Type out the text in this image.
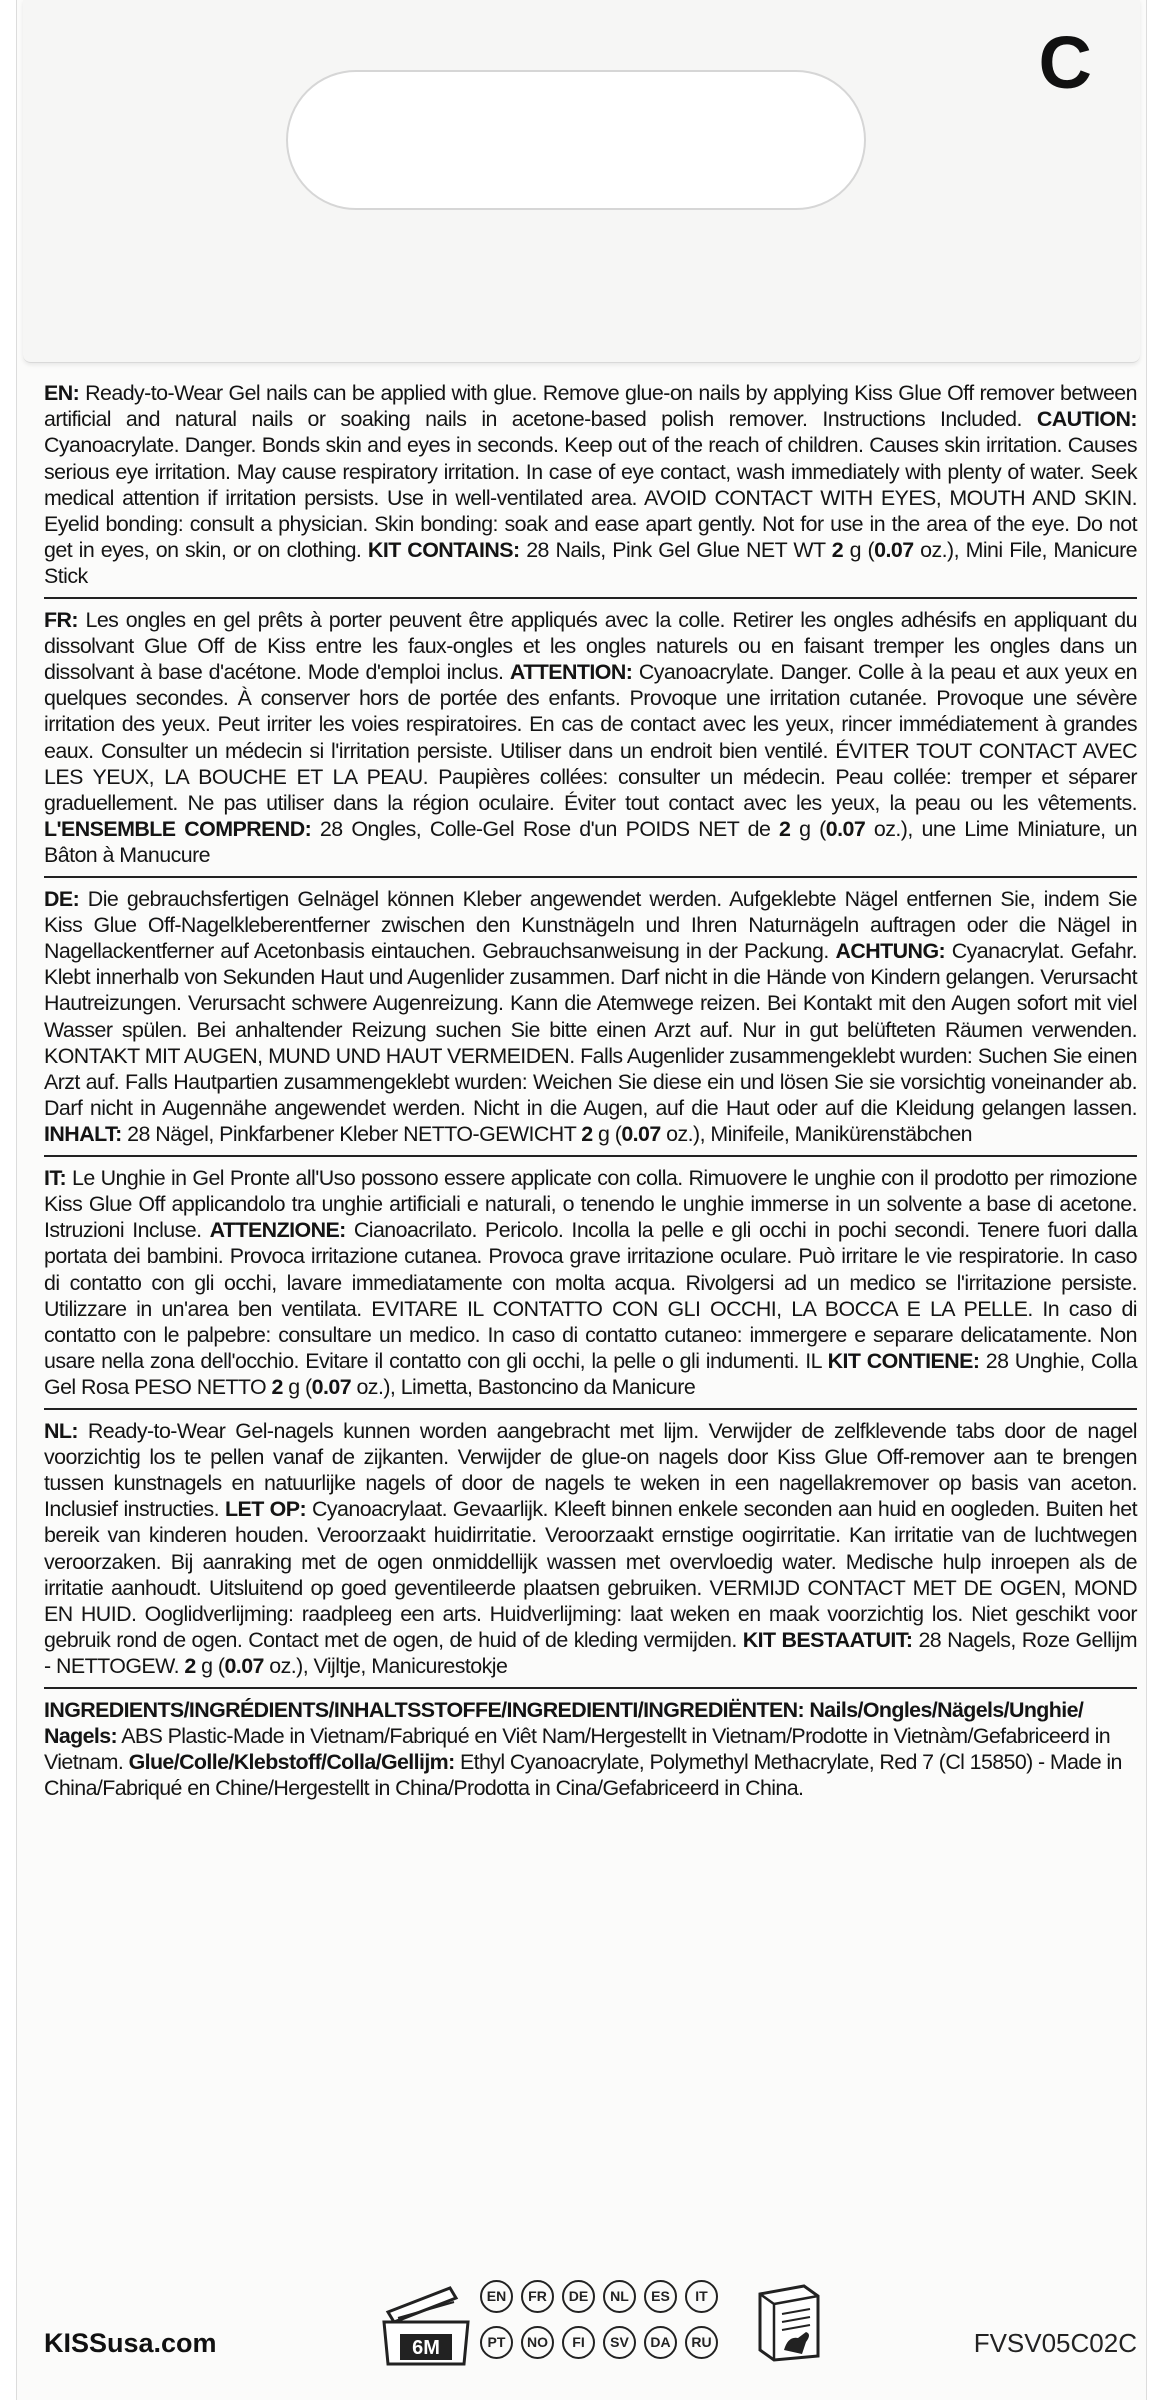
C

EN: Ready-to-Wear Gel nails can be applied with glue. Remove glue-on nails by applying Kiss Glue Off remover between artificial and natural nails or soaking nails in acetone-based polish remover. Instructions Included. CAUTION: Cyanoacrylate. Danger. Bonds skin and eyes in seconds. Keep out of the reach of children. Causes skin irritation. Causes serious eye irritation. May cause respiratory irritation. In case of eye contact, wash immediately with plenty of water. Seek medical attention if irritation persists. Use in well-ventilated area. AVOID CONTACT WITH EYES, MOUTH AND SKIN. Eyelid bonding: consult a physician. Skin bonding: soak and ease apart gently. Not for use in the area of the eye. Do not get in eyes, on skin, or on clothing. KIT CONTAINS: 28 Nails, Pink Gel Glue NET WT 2 g (0.07 oz.), Mini File, Manicure Stick

FR: Les ongles en gel prêts à porter peuvent être appliqués avec la colle. Retirer les ongles adhésifs en appliquant du dissolvant Glue Off de Kiss entre les faux-ongles et les ongles naturels ou en faisant tremper les ongles dans un dissolvant à base d'acétone. Mode d'emploi inclus. ATTENTION: Cyanoacrylate. Danger. Colle à la peau et aux yeux en quelques secondes. À conserver hors de portée des enfants. Provoque une irritation cutanée. Provoque une sévère irritation des yeux. Peut irriter les voies respiratoires. En cas de contact avec les yeux, rincer immédiatement à grandes eaux. Consulter un médecin si l'irritation persiste. Utiliser dans un endroit bien ventilé. ÉVITER TOUT CONTACT AVEC LES YEUX, LA BOUCHE ET LA PEAU. Paupières collées: consulter un médecin. Peau collée: tremper et séparer graduellement. Ne pas utiliser dans la région oculaire. Éviter tout contact avec les yeux, la peau ou les vêtements. L'ENSEMBLE COMPREND: 28 Ongles, Colle-Gel Rose d'un POIDS NET de 2 g (0.07 oz.), une Lime Miniature, un Bâton à Manucure

DE: Die gebrauchsfertigen Gelnägel können Kleber angewendet werden. Aufgeklebte Nägel entfernen Sie, indem Sie Kiss Glue Off-Nagelkleberentferner zwischen den Kunstnägeln und Ihren Naturnägeln auftragen oder die Nägel in Nagellackentferner auf Acetonbasis eintauchen. Gebrauchsanweisung in der Packung. ACHTUNG: Cyanacrylat. Gefahr. Klebt innerhalb von Sekunden Haut und Augenlider zusammen. Darf nicht in die Hände von Kindern gelangen. Verursacht Hautreizungen. Verursacht schwere Augenreizung. Kann die Atemwege reizen. Bei Kontakt mit den Augen sofort mit viel Wasser spülen. Bei anhaltender Reizung suchen Sie bitte einen Arzt auf. Nur in gut belüfteten Räumen verwenden. KONTAKT MIT AUGEN, MUND UND HAUT VERMEIDEN. Falls Augenlider zusammengeklebt wurden: Suchen Sie einen Arzt auf. Falls Hautpartien zusammengeklebt wurden: Weichen Sie diese ein und lösen Sie sie vorsichtig voneinander ab. Darf nicht in Augennähe angewendet werden. Nicht in die Augen, auf die Haut oder auf die Kleidung gelangen lassen. INHALT: 28 Nägel, Pinkfarbener Kleber NETTO-GEWICHT 2 g (0.07 oz.), Minifeile, Manikürenstäbchen

IT: Le Unghie in Gel Pronte all'Uso possono essere applicate con colla. Rimuovere le unghie con il prodotto per rimozione Kiss Glue Off applicandolo tra unghie artificiali e naturali, o tenendo le unghie immerse in un solvente a base di acetone. Istruzioni Incluse. ATTENZIONE: Cianoacrilato. Pericolo. Incolla la pelle e gli occhi in pochi secondi. Tenere fuori dalla portata dei bambini. Provoca irritazione cutanea. Provoca grave irritazione oculare. Può irritare le vie respiratorie. In caso di contatto con gli occhi, lavare immediatamente con molta acqua. Rivolgersi ad un medico se l'irritazione persiste. Utilizzare in un'area ben ventilata. EVITARE IL CONTATTO CON GLI OCCHI, LA BOCCA E LA PELLE. In caso di contatto con le palpebre: consultare un medico. In caso di contatto cutaneo: immergere e separare delicatamente. Non usare nella zona dell'occhio. Evitare il contatto con gli occhi, la pelle o gli indumenti. IL KIT CONTIENE: 28 Unghie, Colla Gel Rosa PESO NETTO 2 g (0.07 oz.), Limetta, Bastoncino da Manicure

NL: Ready-to-Wear Gel-nagels kunnen worden aangebracht met lijm. Verwijder de zelfklevende tabs door de nagel voorzichtig los te pellen vanaf de zijkanten. Verwijder de glue-on nagels door Kiss Glue Off-remover aan te brengen tussen kunstnagels en natuurlijke nagels of door de nagels te weken in een nagellakremover op basis van aceton. Inclusief instructies. LET OP: Cyanoacrylaat. Gevaarlijk. Kleeft binnen enkele seconden aan huid en oogleden. Buiten het bereik van kinderen houden. Veroorzaakt huidirritatie. Veroorzaakt ernstige oogirritatie. Kan irritatie van de luchtwegen veroorzaken. Bij aanraking met de ogen onmiddellijk wassen met overvloedig water. Medische hulp inroepen als de irritatie aanhoudt. Uitsluitend op goed geventileerde plaatsen gebruiken. VERMIJD CONTACT MET DE OGEN, MOND EN HUID. Ooglidverlijming: raadpleeg een arts. Huidverlijming: laat weken en maak voorzichtig los. Niet geschikt voor gebruik rond de ogen. Contact met de ogen, de huid of de kleding vermijden. KIT BESTAATUIT: 28 Nagels, Roze Gellijm - NETTOGEW. 2 g (0.07 oz.), Vijltje, Manicurestokje

INGREDIENTS/INGRÉDIENTS/INHALTSSTOFFE/INGREDIENTI/INGREDIËNTEN: Nails/Ongles/Nägels/Unghie/ Nagels: ABS Plastic-Made in Vietnam/Fabriqué en Viêt Nam/Hergestellt in Vietnam/Prodotte in Vietnàm/Gefabriceerd in Vietnam. Glue/Colle/Klebstoff/Colla/Gellijm: Ethyl Cyanoacrylate, Polymethyl Methacrylate, Red 7 (Cl 15850) - Made in China/Fabriqué en Chine/Hergestellt in China/Prodotta in Cina/Gefabriceerd in China.

KISSusa.com	6M
EN	FR	DE	NL	ES	IT
PT	NO	FI	SV	DA	RU	FVSV05C02C
